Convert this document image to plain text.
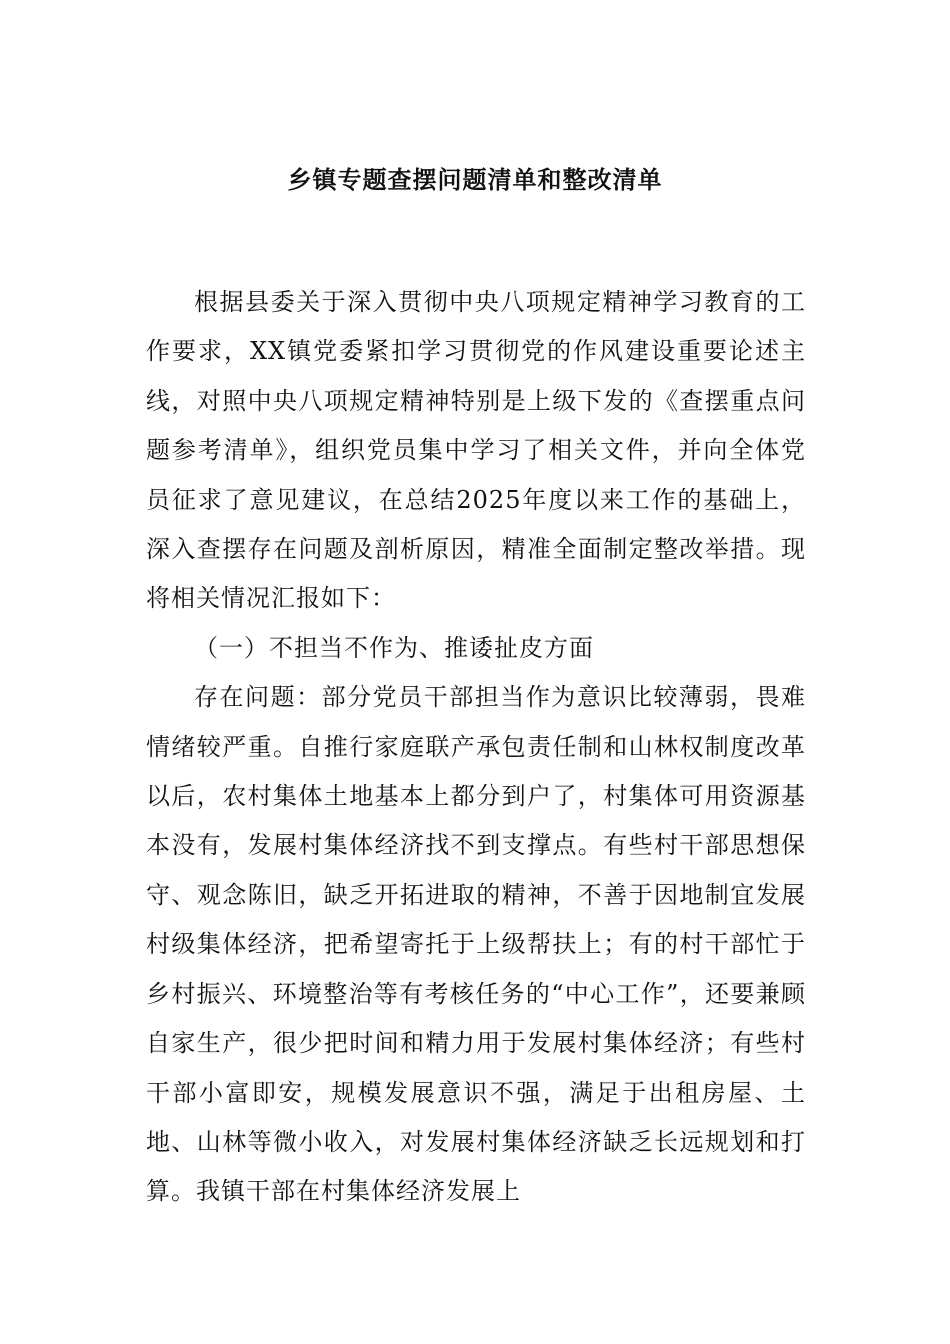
乡镇专题查摆问题清单和整改清单

根据县委关于深入贯彻中央八项规定精神学习教育的工作要求，XX镇党委紧扣学习贯彻党的作风建设重要论述主线，对照中央八项规定精神特别是上级下发的《查摆重点问题参考清单》，组织党员集中学习了相关文件，并向全体党员征求了意见建议，在总结2025年度以来工作的基础上，深入查摆存在问题及剖析原因，精准全面制定整改举措。现将相关情况汇报如下：

（一）不担当不作为、推诿扯皮方面

存在问题：部分党员干部担当作为意识比较薄弱，畏难情绪较严重。自推行家庭联产承包责任制和山林权制度改革以后，农村集体土地基本上都分到户了，村集体可用资源基本没有，发展村集体经济找不到支撑点。有些村干部思想保守、观念陈旧，缺乏开拓进取的精神，不善于因地制宜发展村级集体经济，把希望寄托于上级帮扶上；有的村干部忙于乡村振兴、环境整治等有考核任务的“中心工作”，还要兼顾自家生产，很少把时间和精力用于发展村集体经济；有些村干部小富即安，规模发展意识不强，满足于出租房屋、土地、山林等微小收入，对发展村集体经济缺乏长远规划和打算。我镇干部在村集体经济发展上
